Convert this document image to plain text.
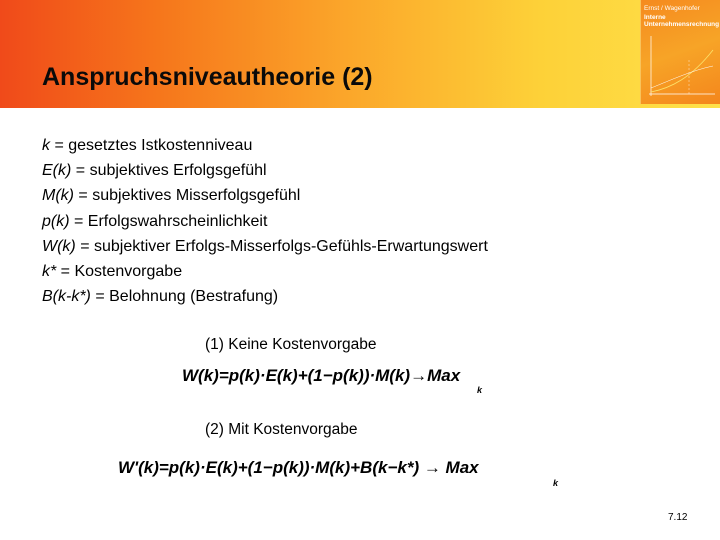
Anspruchsniveautheorie (2)
Ernst / Wagenhofer
Interne
Unternehmensrechnung
k = gesetztes Istkostenniveau
E(k) = subjektives Erfolgsgefühl
M(k) = subjektives Misserfolgsgefühl
p(k) = Erfolgswahrscheinlichkeit
W(k) = subjektiver Erfolgs-Misserfolgs-Gefühls-Erwartungswert
k* = Kostenvorgabe
B(k-k*) = Belohnung (Bestrafung)
(1) Keine Kostenvorgabe
W(k)=p(k)·E(k)+(1−p(k))·M(k)→Max
k
(2) Mit Kostenvorgabe
W'(k)=p(k)·E(k)+(1−p(k))·M(k)+B(k−k*) → Max
k
7.12
